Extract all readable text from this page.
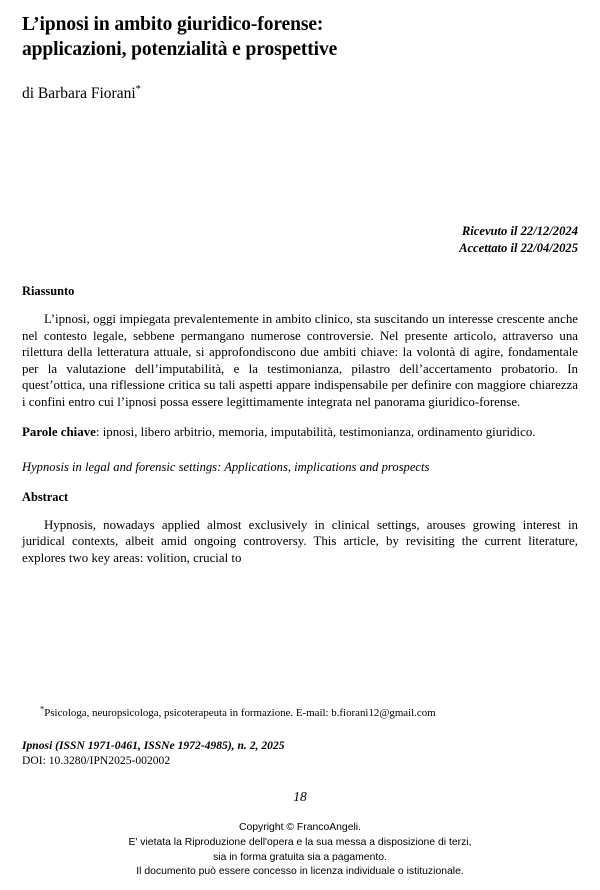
L’ipnosi in ambito giuridico-forense:
applicazioni, potenzialità e prospettive
di Barbara Fiorani*
Ricevuto il 22/12/2024
Accettato il 22/04/2025
Riassunto

L’ipnosi, oggi impiegata prevalentemente in ambito clinico, sta suscitando un interesse crescente anche nel contesto legale, sebbene permangano numerose controversie. Nel presente articolo, attraverso una rilettura della letteratura attuale, si approfondiscono due ambiti chiave: la volontà di agire, fondamentale per la valutazione dell’imputabilità, e la testimonianza, pilastro dell’accertamento probatorio. In quest’ottica, una riflessione critica su tali aspetti appare indispensabile per definire con maggiore chiarezza i confini entro cui l’ipnosi possa essere legittimamente integrata nel panorama giuridico-forense.

Parole chiave: ipnosi, libero arbitrio, memoria, imputabilità, testimonianza, ordinamento giuridico.

Hypnosis in legal and forensic settings: Applications, implications and prospects
Abstract

Hypnosis, nowadays applied almost exclusively in clinical settings, arouses growing interest in juridical contexts, albeit amid ongoing controversy. This article, by revisiting the current literature, explores two key areas: volition, crucial to

*Psicologa, neuropsicologa, psicoterapeuta in formazione. E-mail: b.fiorani12@gmail.com
Ipnosi (ISSN 1971-0461, ISSNe 1972-4985), n. 2, 2025
DOI: 10.3280/IPN2025-002002
18
Copyright © FrancoAngeli.
E' vietata la Riproduzione dell'opera e la sua messa a disposizione di terzi,
sia in forma gratuita sia a pagamento.
Il documento può essere concesso in licenza individuale o istituzionale.
